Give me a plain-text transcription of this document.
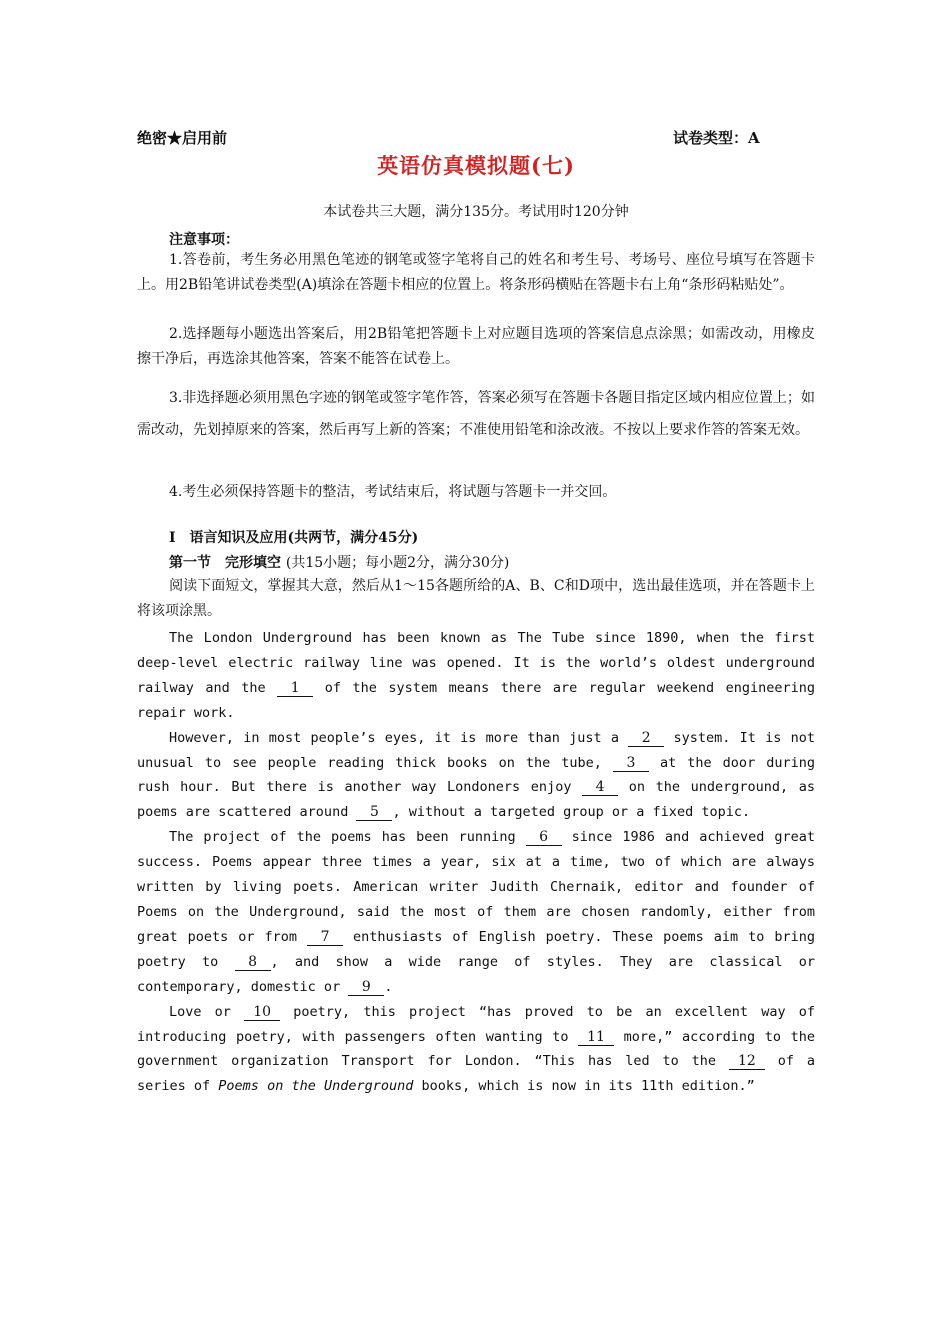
绝密★启用前	试卷类型：A
英语仿真模拟题(七)
本试卷共三大题，满分135分。考试用时120分钟
注意事项：
1.答卷前，考生务必用黑色笔迹的钢笔或签字笔将自己的姓名和考生号、考场号、座位号填写在答题卡上。用2B铅笔讲试卷类型(A)填涂在答题卡相应的位置上。将条形码横贴在答题卡右上角“条形码粘贴处”。
2.选择题每小题选出答案后，用2B铅笔把答题卡上对应题目选项的答案信息点涂黑；如需改动，用橡皮擦干净后，再选涂其他答案，答案不能答在试卷上。
3.非选择题必须用黑色字迹的钢笔或签字笔作答，答案必须写在答题卡各题目指定区域内相应位置上；如需改动，先划掉原来的答案，然后再写上新的答案；不准使用铅笔和涂改液。不按以上要求作答的答案无效。
4.考生必须保持答题卡的整洁，考试结束后，将试题与答题卡一并交回。
I　语言知识及应用(共两节，满分45分)
第一节　完形填空 (共15小题；每小题2分，满分30分)
阅读下面短文，掌握其大意，然后从1～15各题所给的A、B、C和D项中，选出最佳选项，并在答题卡上将该项涂黑。

The London Underground has been known as The Tube since 1890, when the first deep-level electric railway line was opened. It is the world’s oldest underground railway and the 1 of the system means there are regular weekend engineering repair work.

However, in most people’s eyes, it is more than just a 2 system. It is not unusual to see people reading thick books on the tube, 3 at the door during rush hour. But there is another way Londoners enjoy 4 on the underground, as poems are scattered around 5 , without a targeted group or a fixed topic.

The project of the poems has been running 6 since 1986 and achieved great success. Poems appear three times a year, six at a time, two of which are always written by living poets. American writer Judith Chernaik, editor and founder of Poems on the Underground, said the most of them are chosen randomly, either from great poets or from 7 enthusiasts of English poetry. These poems aim to bring poetry to 8 , and show a wide range of styles. They are classical or contemporary, domestic or 9 .

Love or 10 poetry, this project “has proved to be an excellent way of introducing poetry, with passengers often wanting to 11 more,” according to the government organization Transport for London. “This has led to the 12 of a series of Poems on the Underground books, which is now in its 11th edition.”
